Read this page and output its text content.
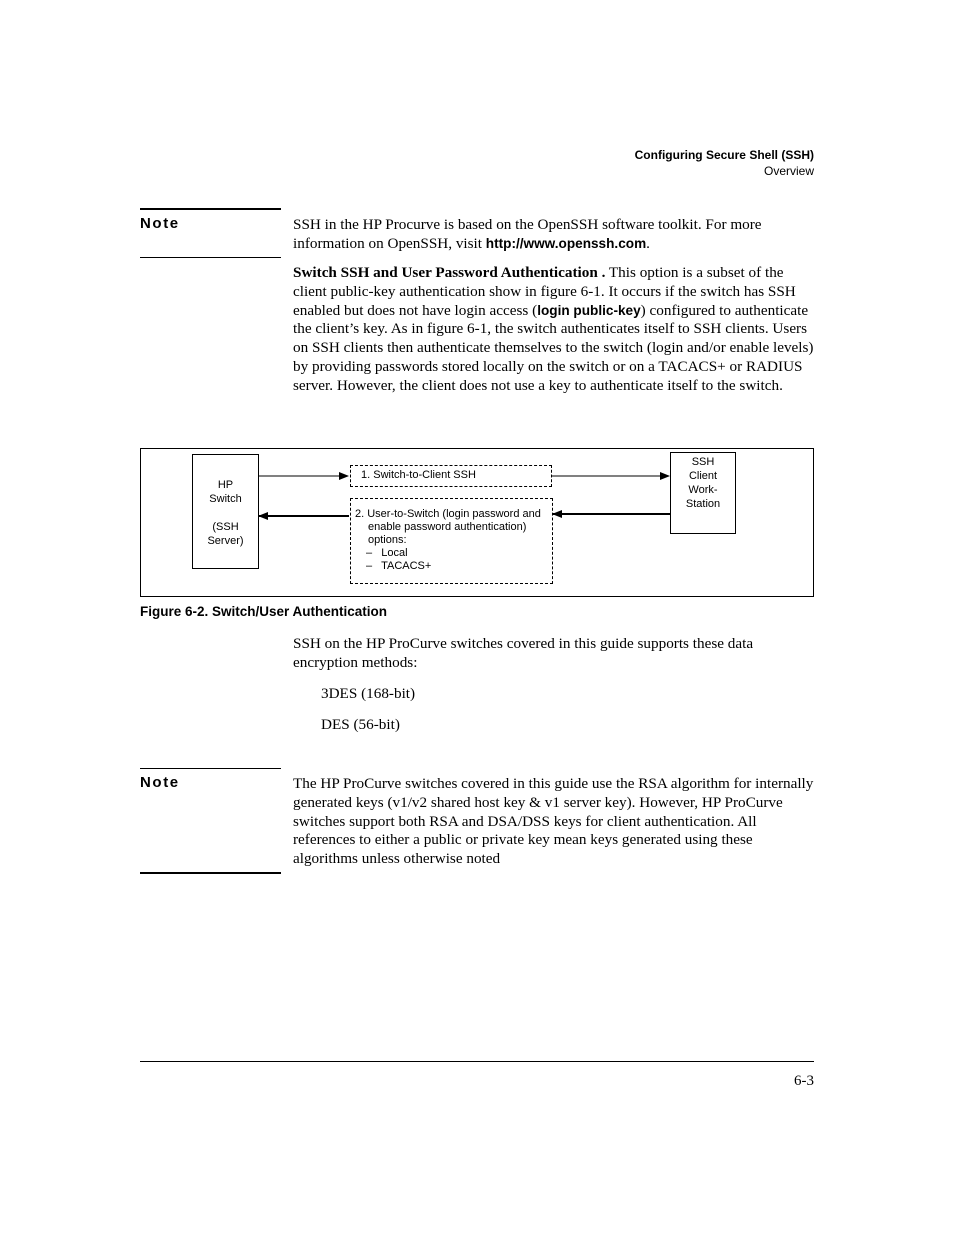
Configuring Secure Shell (SSH)
Overview
Note	SSH in the HP Procurve is based on the OpenSSH software toolkit. For more information on OpenSSH, visit http://www.openssh.com.

Switch SSH and User Password Authentication . This option is a subset of the client public-key authentication show in figure 6-1. It occurs if the switch has SSH enabled but does not have login access (login public-key) configured to authenticate the client’s key. As in figure 6-1, the switch authenticates itself to SSH clients. Users on SSH clients then authenticate themselves to the switch (login and/or enable levels) by providing passwords stored locally on the switch or on a TACACS+ or RADIUS server. However, the client does not use a key to authenticate itself to the switch.

HP
Switch
(SSH
Server)
SSH
Client
Work-
Station
1. Switch-to-Client SSH
2. User-to-Switch (login password and
enable password authentication)
options:
–   Local
–   TACACS+
Figure 6-2. Switch/User Authentication

SSH on the HP ProCurve switches covered in this guide supports these data encryption methods:

3DES (168-bit)
DES (56-bit)
Note	The HP ProCurve switches covered in this guide use the RSA algorithm for internally generated keys (v1/v2 shared host key & v1 server key). However, HP ProCurve switches support both RSA and DSA/DSS keys for client authentication. All references to either a public or private key mean keys generated using these algorithms unless otherwise noted

6-3
